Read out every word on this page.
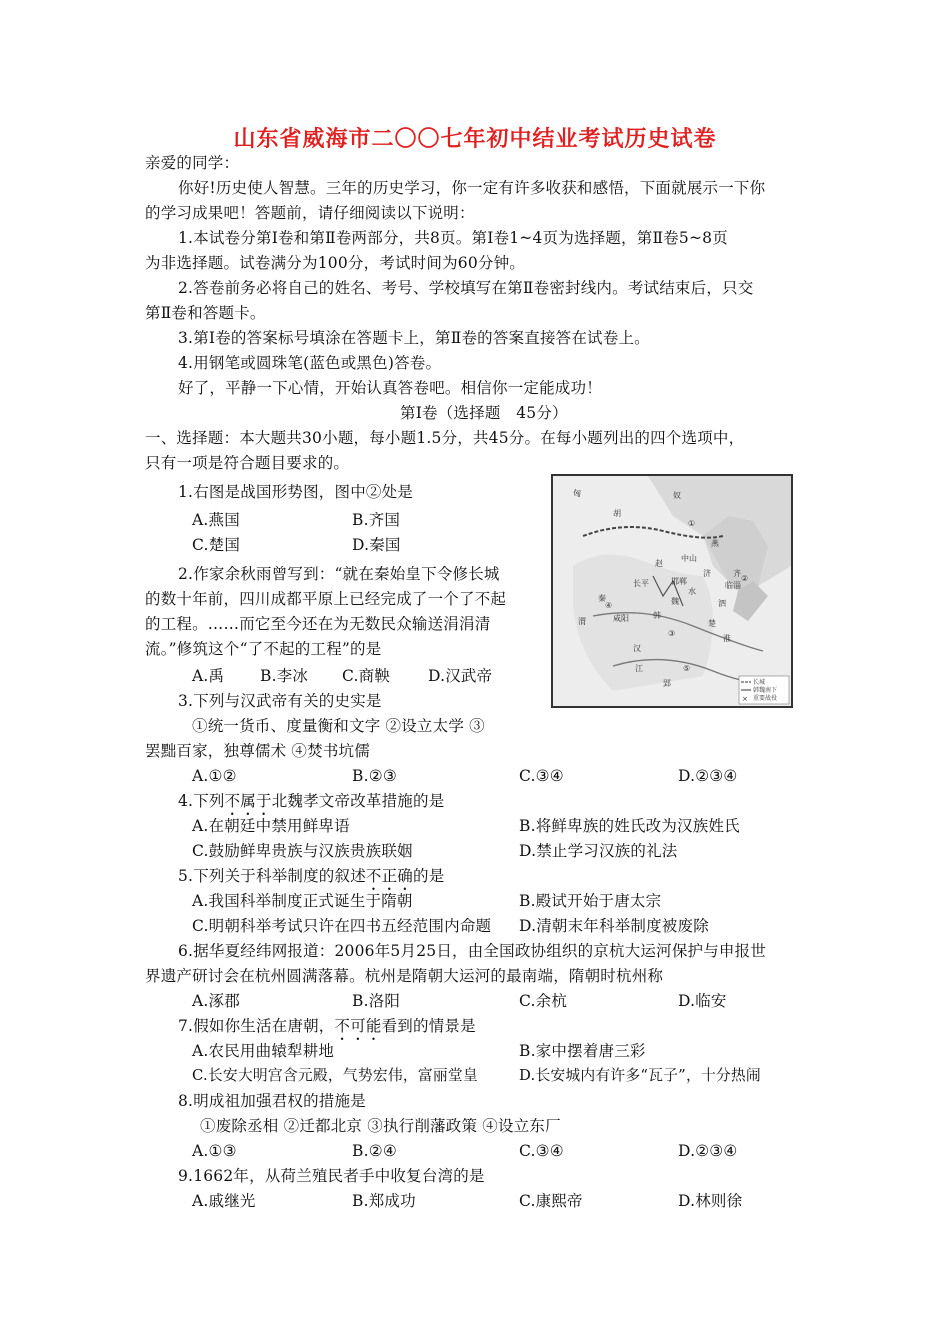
山东省威海市二〇〇七年初中结业考试历史试卷
亲爱的同学：
你好!历史使人智慧。三年的历史学习，你一定有许多收获和感悟，下面就展示一下你
的学习成果吧！答题前，请仔细阅读以下说明：
1.本试卷分第Ⅰ卷和第Ⅱ卷两部分，共8页。第Ⅰ卷1~4页为选择题，第Ⅱ卷5~8页
为非选择题。试卷满分为100分，考试时间为60分钟。
2.答卷前务必将自己的姓名、考号、学校填写在第Ⅱ卷密封线内。考试结束后，只交
第Ⅱ卷和答题卡。
3.第Ⅰ卷的答案标号填涂在答题卡上，第Ⅱ卷的答案直接答在试卷上。
4.用钢笔或圆珠笔(蓝色或黑色)答卷。
好了，平静一下心情，开始认真答卷吧。相信你一定能成功！
第Ⅰ卷（选择题　45分）
一、选择题：本大题共30小题，每小题1.5分，共45分。在每小题列出的四个选项中，
只有一项是符合题目要求的。
1.右图是战国形势图，图中②处是
A.燕国	B.齐国
C.楚国	D.秦国
匈	奴
胡
燕
赵
中山
济	齐
魏
韩
楚
秦
咸阳
长平	邯郸	临淄
泗
渭
水
汉
江
淮
郢
①
②
③
④
⑤
长城
韩魏南下
× 重要战役
2.作家余秋雨曾写到：“就在秦始皇下令修长城
的数十年前，四川成都平原上已经完成了一个了不起
的工程。……而它至今还在为无数民众输送涓涓清
流。”修筑这个“了不起的工程”的是
A.禹 B.李冰 C.商鞅 D.汉武帝
3.下列与汉武帝有关的史实是
①统一货币、度量衡和文字 ②设立太学 ③
罢黜百家，独尊儒术 ④焚书坑儒
A.①②	B.②③	C.③④	D.②③④
4.下列不属于北魏孝文帝改革措施的是
A.在朝廷中禁用鲜卑语	B.将鲜卑族的姓氏改为汉族姓氏
C.鼓励鲜卑贵族与汉族贵族联姻	D.禁止学习汉族的礼法
5.下列关于科举制度的叙述不正确的是
A.我国科举制度正式诞生于隋朝	B.殿试开始于唐太宗
C.明朝科举考试只许在四书五经范围内命题 D.清朝末年科举制度被废除
6.据华夏经纬网报道：2006年5月25日，由全国政协组织的京杭大运河保护与申报世
界遗产研讨会在杭州圆满落幕。杭州是隋朝大运河的最南端，隋朝时杭州称
A.涿郡	B.洛阳	C.余杭	D.临安
7.假如你生活在唐朝，不可能看到的情景是
A.农民用曲辕犁耕地	B.家中摆着唐三彩
C.长安大明宫含元殿，气势宏伟，富丽堂皇	D.长安城内有许多“瓦子”，十分热闹
8.明成祖加强君权的措施是
①废除丞相 ②迁都北京 ③执行削藩政策 ④设立东厂
A.①③	B.②④	C.③④	D.②③④
9.1662年，从荷兰殖民者手中收复台湾的是
A.戚继光	B.郑成功	C.康熙帝	D.林则徐
